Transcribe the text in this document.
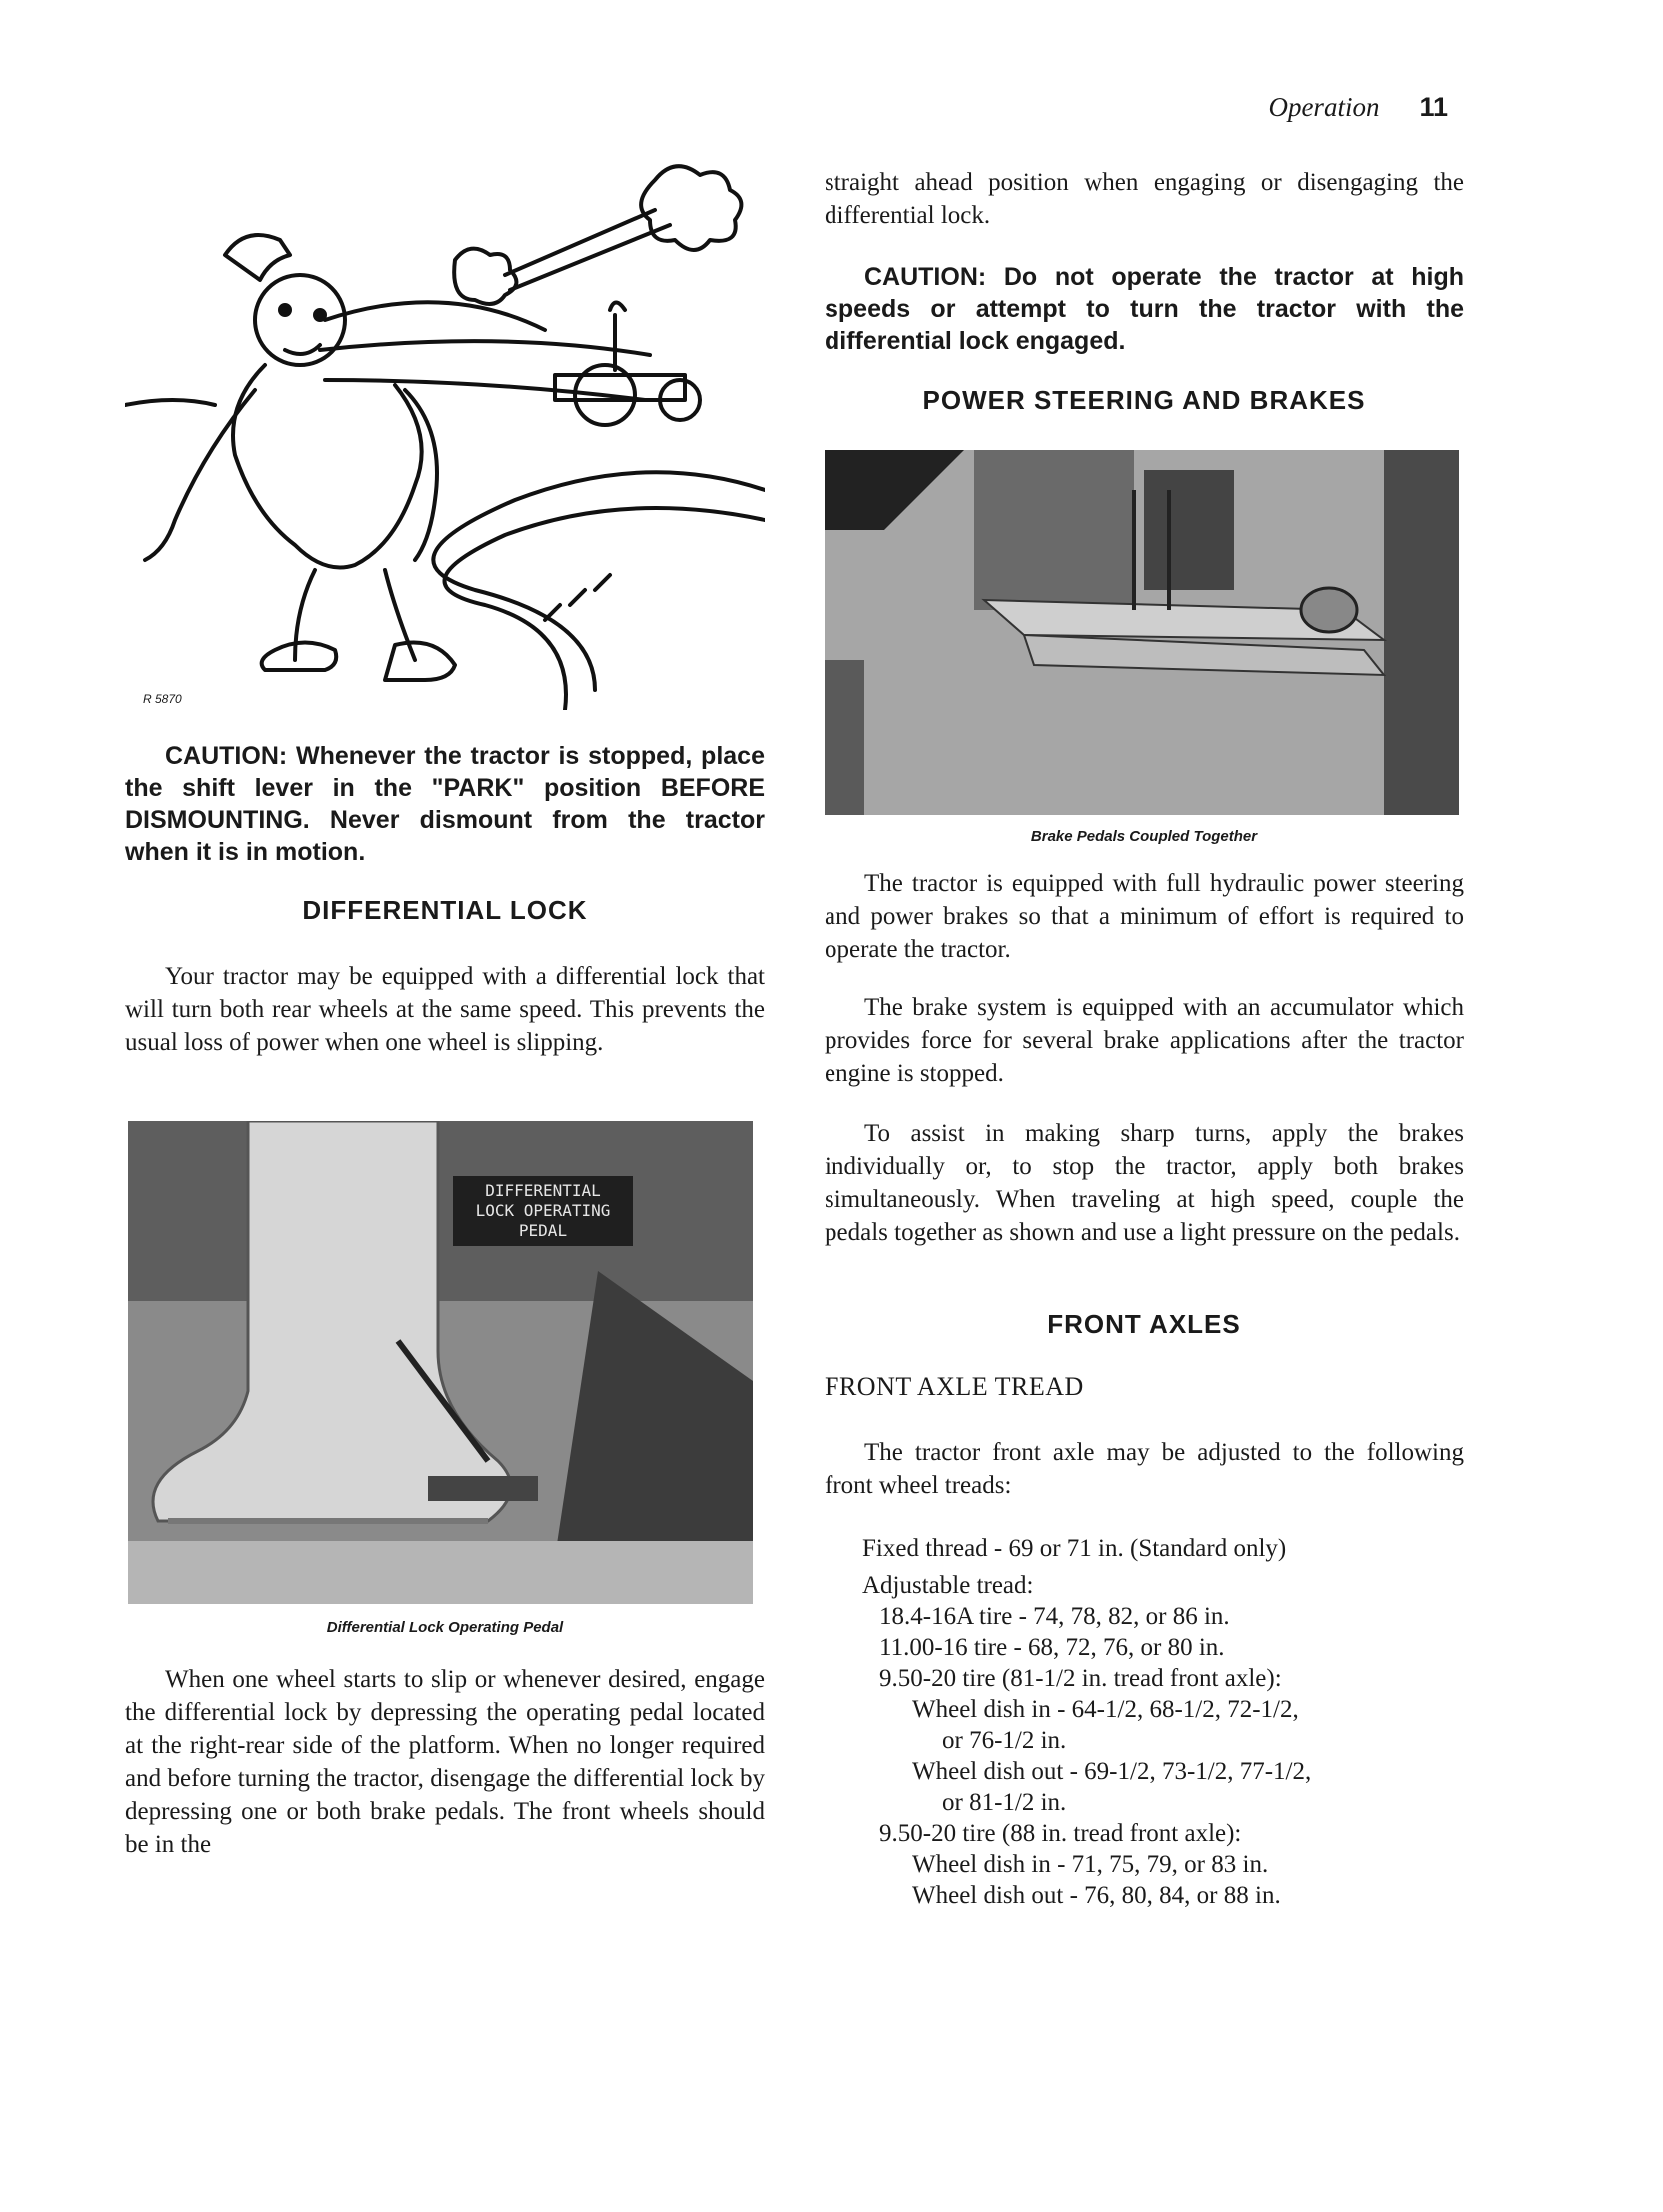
Operation 11
R 5870

CAUTION: Whenever the tractor is stopped, place the shift lever in the "PARK" position BEFORE DISMOUNTING. Never dismount from the tractor when it is in motion.

DIFFERENTIAL LOCK

Your tractor may be equipped with a differential lock that will turn both rear wheels at the same speed. This prevents the usual loss of power when one wheel is slipping.

DIFFERENTIAL
LOCK OPERATING
PEDAL

Differential Lock Operating Pedal

When one wheel starts to slip or whenever desired, engage the differential lock by depressing the operating pedal located at the right-rear side of the platform. When no longer required and before turning the tractor, disengage the differential lock by depressing one or both brake pedals. The front wheels should be in the

straight ahead position when engaging or disengaging the differential lock.

CAUTION: Do not operate the tractor at high speeds or attempt to turn the tractor with the differential lock engaged.

POWER STEERING AND BRAKES

Brake Pedals Coupled Together

The tractor is equipped with full hydraulic power steering and power brakes so that a minimum of effort is required to operate the tractor.

The brake system is equipped with an accumulator which provides force for several brake applications after the tractor engine is stopped.

To assist in making sharp turns, apply the brakes individually or, to stop the tractor, apply both brakes simultaneously. When traveling at high speed, couple the pedals together as shown and use a light pressure on the pedals.

FRONT AXLES

FRONT AXLE TREAD

The tractor front axle may be adjusted to the following front wheel treads:

Fixed thread - 69 or 71 in. (Standard only)

Adjustable tread:

18.4-16A tire - 74, 78, 82, or 86 in.

11.00-16 tire - 68, 72, 76, or 80 in.

9.50-20 tire (81-1/2 in. tread front axle):

Wheel dish in - 64-1/2, 68-1/2, 72-1/2,

or 76-1/2 in.

Wheel dish out - 69-1/2, 73-1/2, 77-1/2,

or 81-1/2 in.

9.50-20 tire (88 in. tread front axle):

Wheel dish in - 71, 75, 79, or 83 in.

Wheel dish out - 76, 80, 84, or 88 in.
